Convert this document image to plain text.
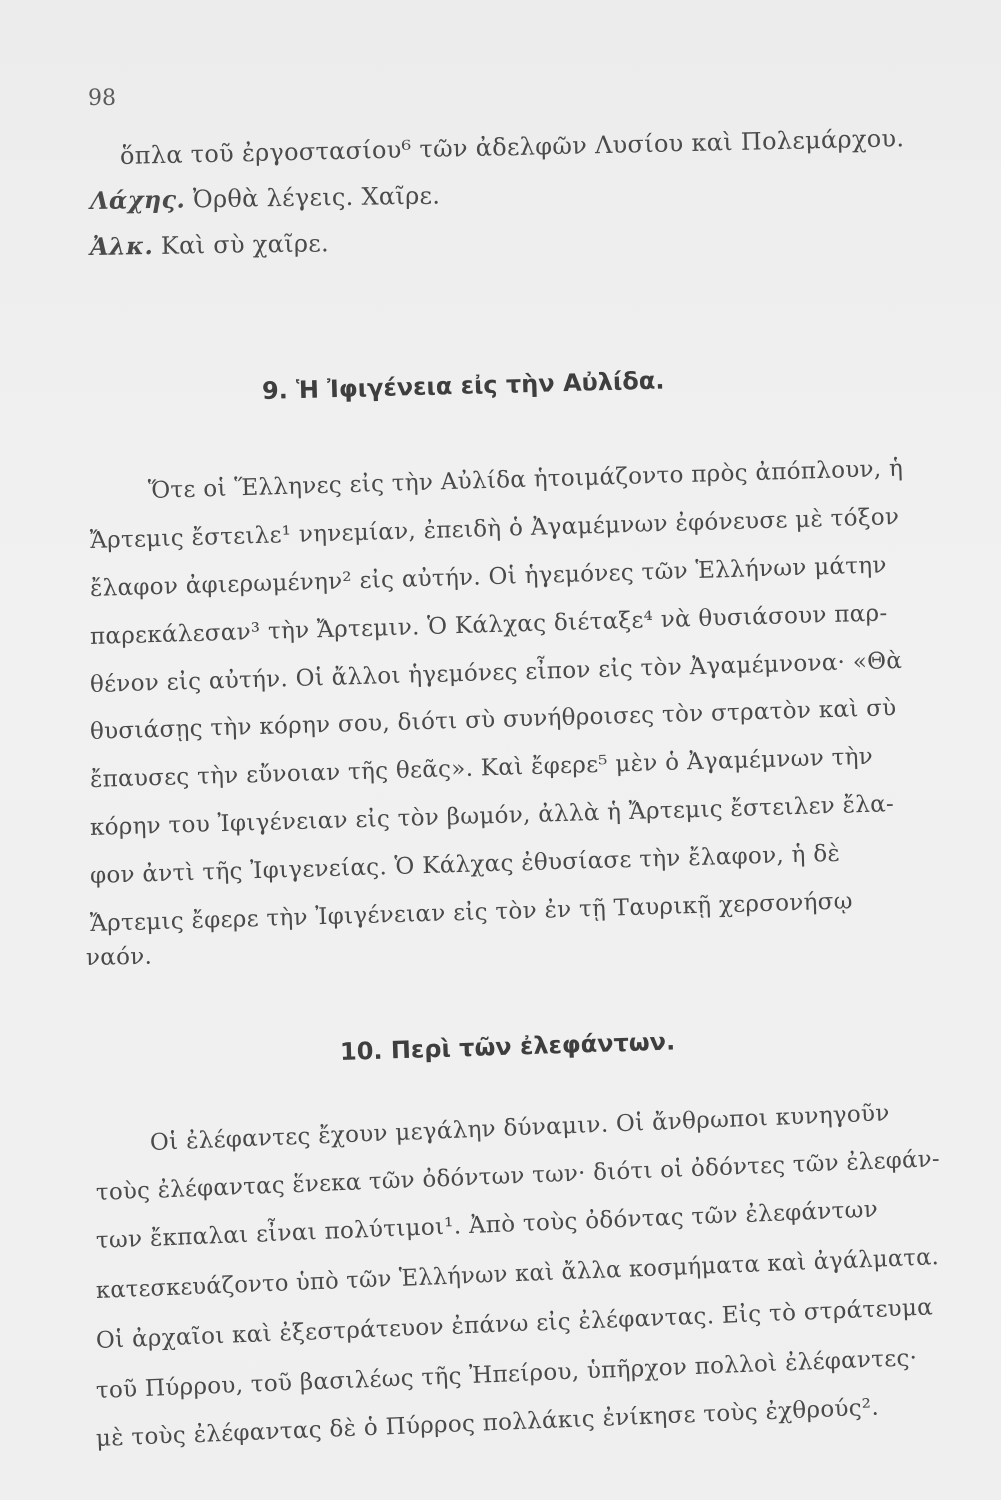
98
ὅπλα τοῦ ἐργοστασίου⁶ τῶν ἀδελφῶν Λυσίου καὶ Πολεμάρχου.
Λάχης. Ὀρθὰ λέγεις. Χαῖρε.
Ἀλκ. Καὶ σὺ χαῖρε.
9. Ἡ Ἰφιγένεια εἰς τὴν Αὐλίδα.
Ὅτε οἱ Ἕλληνες εἰς τὴν Αὐλίδα ἡτοιμάζοντο πρὸς ἀπόπλουν, ἡ
Ἄρτεμις ἔστειλε¹ νηνεμίαν, ἐπειδὴ ὁ Ἀγαμέμνων ἐφόνευσε μὲ τόξον
ἔλαφον ἀφιερωμένην² εἰς αὐτήν. Οἱ ἡγεμόνες τῶν Ἑλλήνων μάτην
παρεκάλεσαν³ τὴν Ἄρτεμιν. Ὁ Κάλχας διέταξε⁴ νὰ θυσιάσουν παρ-
θένον εἰς αὐτήν. Οἱ ἄλλοι ἡγεμόνες εἶπον εἰς τὸν Ἀγαμέμνονα· «Θὰ
θυσιάσῃς τὴν κόρην σου, διότι σὺ συνήθροισες τὸν στρατὸν καὶ σὺ
ἔπαυσες τὴν εὔνοιαν τῆς θεᾶς». Καὶ ἔφερε⁵ μὲν ὁ Ἀγαμέμνων τὴν
κόρην του Ἰφιγένειαν εἰς τὸν βωμόν, ἀλλὰ ἡ Ἄρτεμις ἔστειλεν ἔλα-
φον ἀντὶ τῆς Ἰφιγενείας. Ὁ Κάλχας ἐθυσίασε τὴν ἔλαφον, ἡ δὲ
Ἄρτεμις ἔφερε τὴν Ἰφιγένειαν εἰς τὸν ἐν τῇ Ταυρικῇ χερσονήσῳ
ναόν.
10. Περὶ τῶν ἐλεφάντων.
Οἱ ἐλέφαντες ἔχουν μεγάλην δύναμιν. Οἱ ἄνθρωποι κυνηγοῦν
τοὺς ἐλέφαντας ἕνεκα τῶν ὀδόντων των· διότι οἱ ὀδόντες τῶν ἐλεφάν-
των ἔκπαλαι εἶναι πολύτιμοι¹. Ἀπὸ τοὺς ὀδόντας τῶν ἐλεφάντων
κατεσκευάζοντο ὑπὸ τῶν Ἑλλήνων καὶ ἄλλα κοσμήματα καὶ ἀγάλματα.
Οἱ ἀρχαῖοι καὶ ἐξεστράτευον ἐπάνω εἰς ἐλέφαντας. Εἰς τὸ στράτευμα
τοῦ Πύρρου, τοῦ βασιλέως τῆς Ἠπείρου, ὑπῆρχον πολλοὶ ἐλέφαντες·
μὲ τοὺς ἐλέφαντας δὲ ὁ Πύρρος πολλάκις ἐνίκησε τοὺς ἐχθρούς².
